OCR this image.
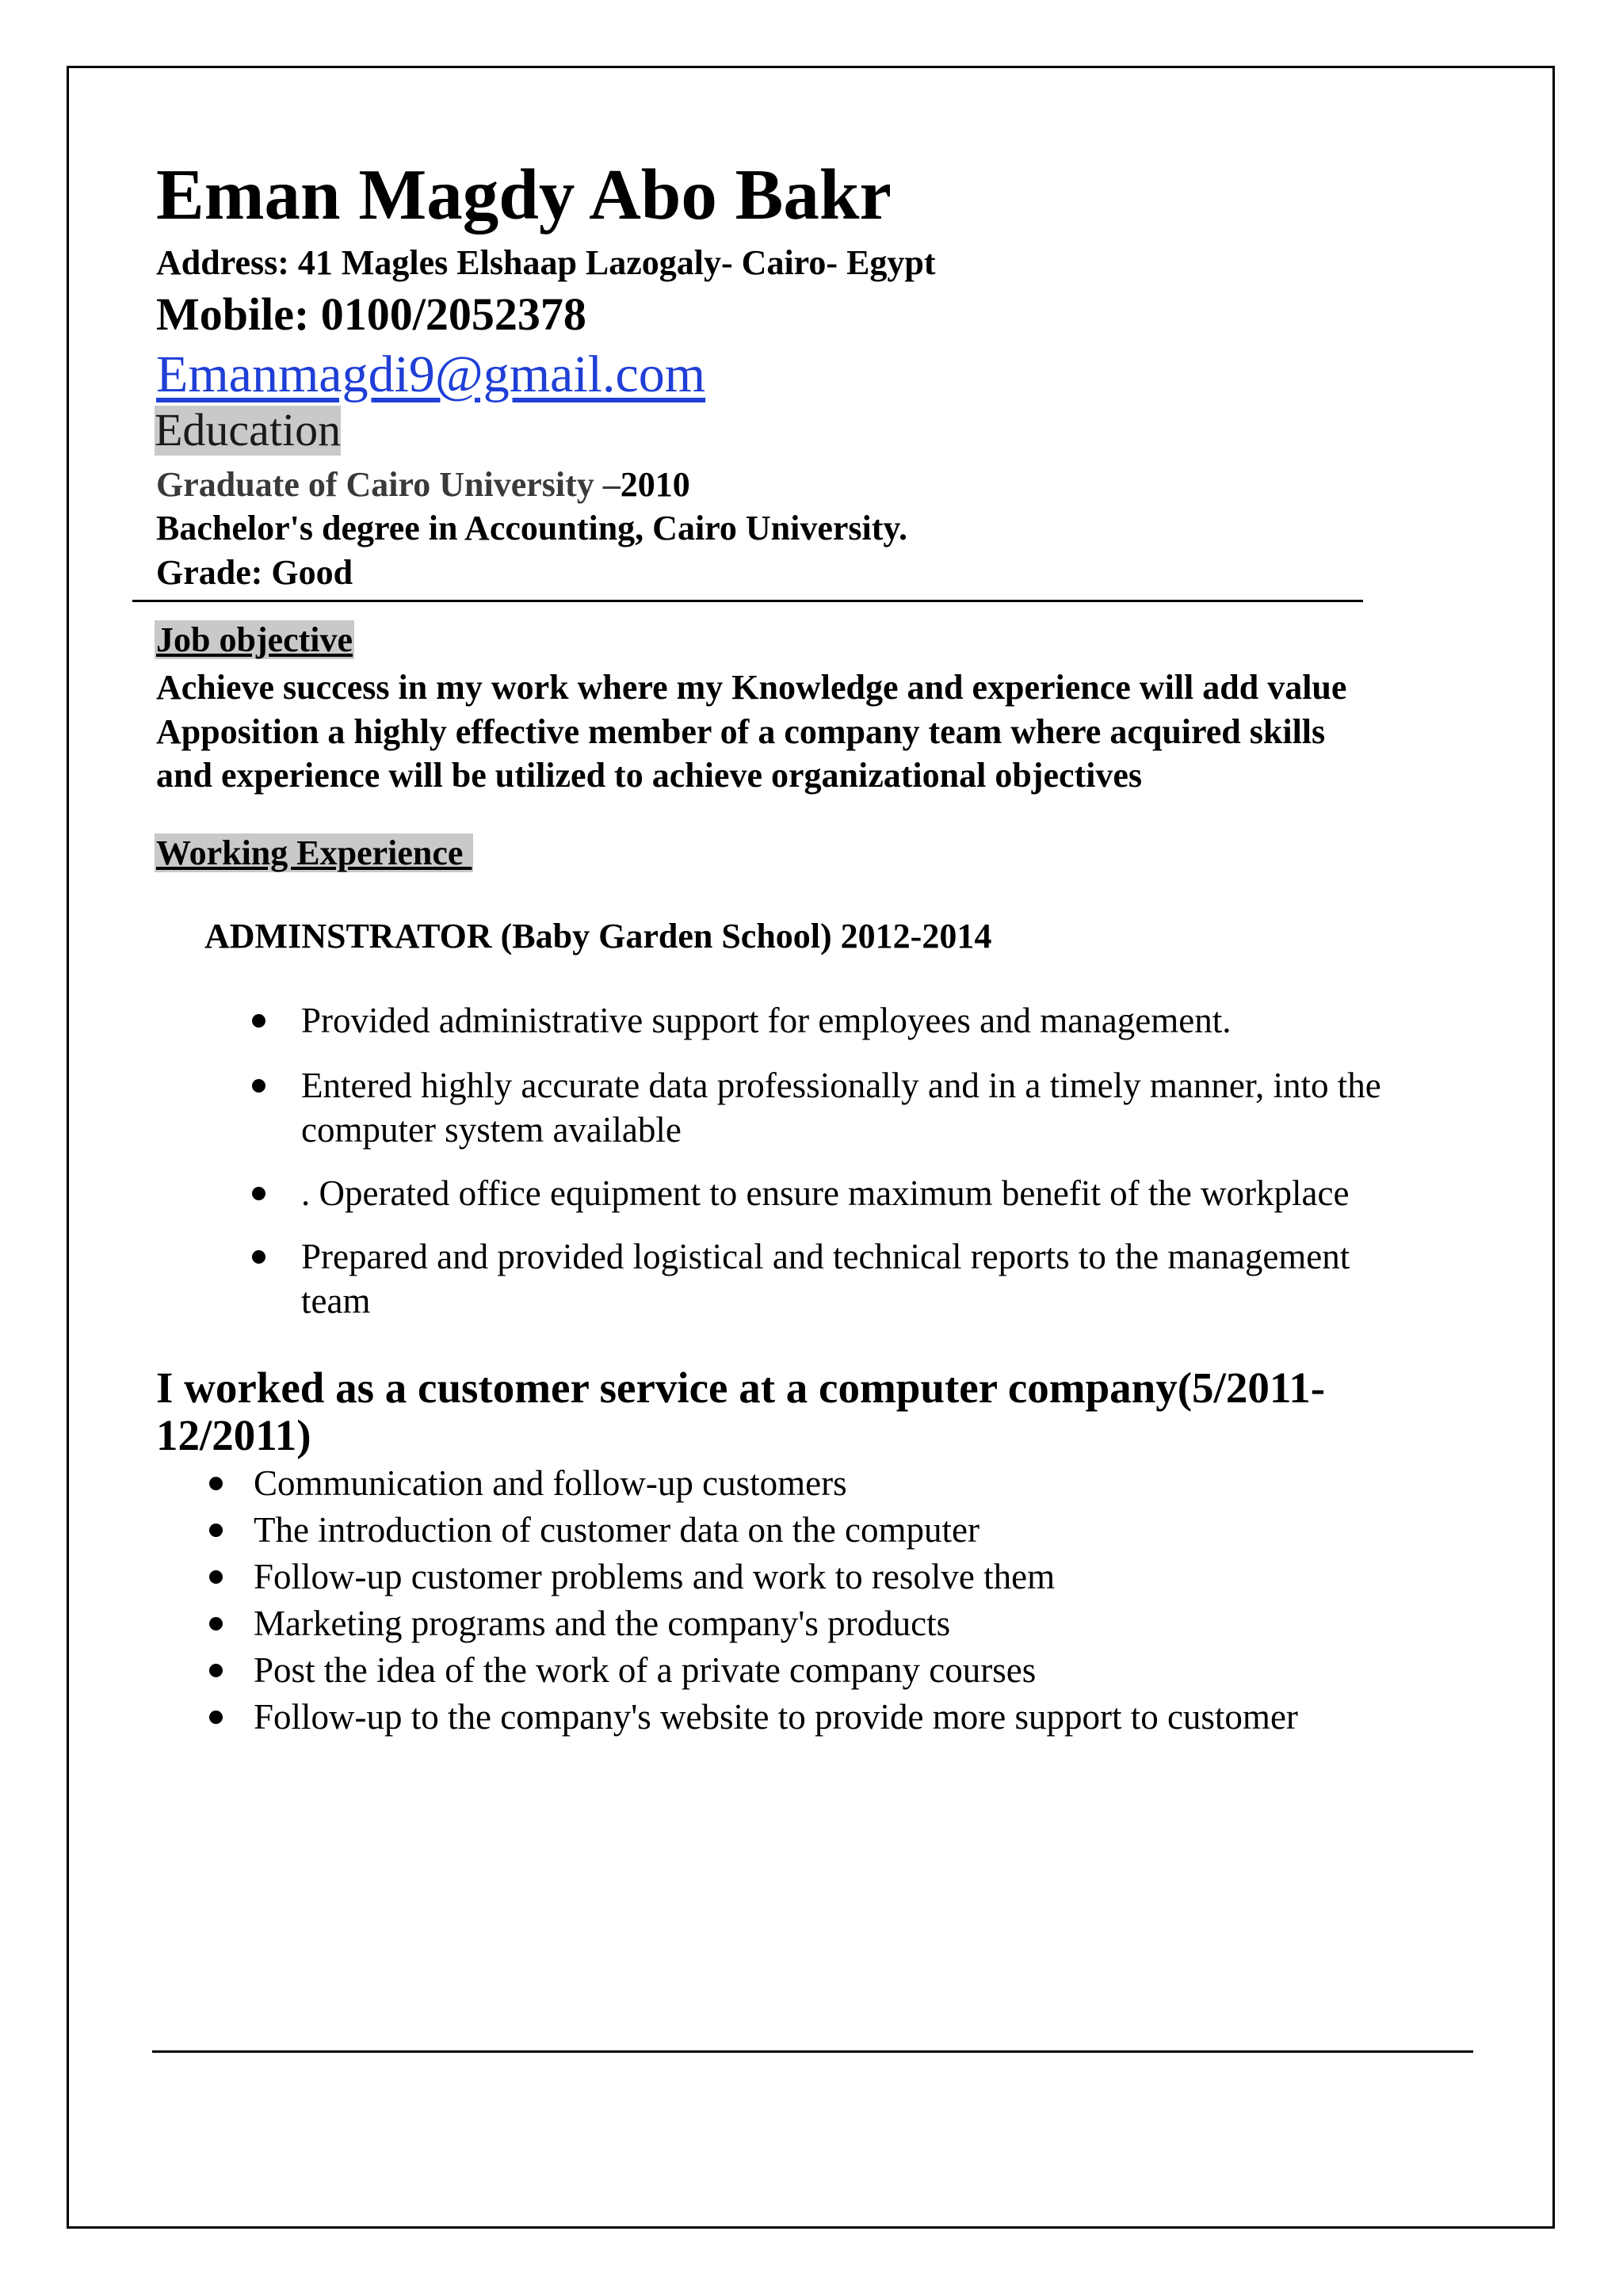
Eman Magdy Abo Bakr
Address: 41 Magles Elshaap Lazogaly- Cairo- Egypt
Mobile: 0100/2052378
Emanmagdi9@gmail.com
Education
Graduate of Cairo University –2010
Bachelor's degree in Accounting, Cairo University.
Grade: Good
Job objective
Achieve success in my work where my Knowledge and experience will add value
Apposition a highly effective member of a company team where acquired skills
and experience will be utilized to achieve organizational objectives
Working Experience
ADMINSTRATOR (Baby Garden School) 2012-2014
Provided administrative support for employees and management.
Entered highly accurate data professionally and in a timely manner, into the
computer system available
. Operated office equipment to ensure maximum benefit of the workplace
Prepared and provided logistical and technical reports to the management
team
I worked as a customer service at a computer company(5/2011-
12/2011)
Communication and follow-up customers
The introduction of customer data on the computer
Follow-up customer problems and work to resolve them
Marketing programs and the company's products
Post the idea of the work of a private company courses
Follow-up to the company's website to provide more support to customer
